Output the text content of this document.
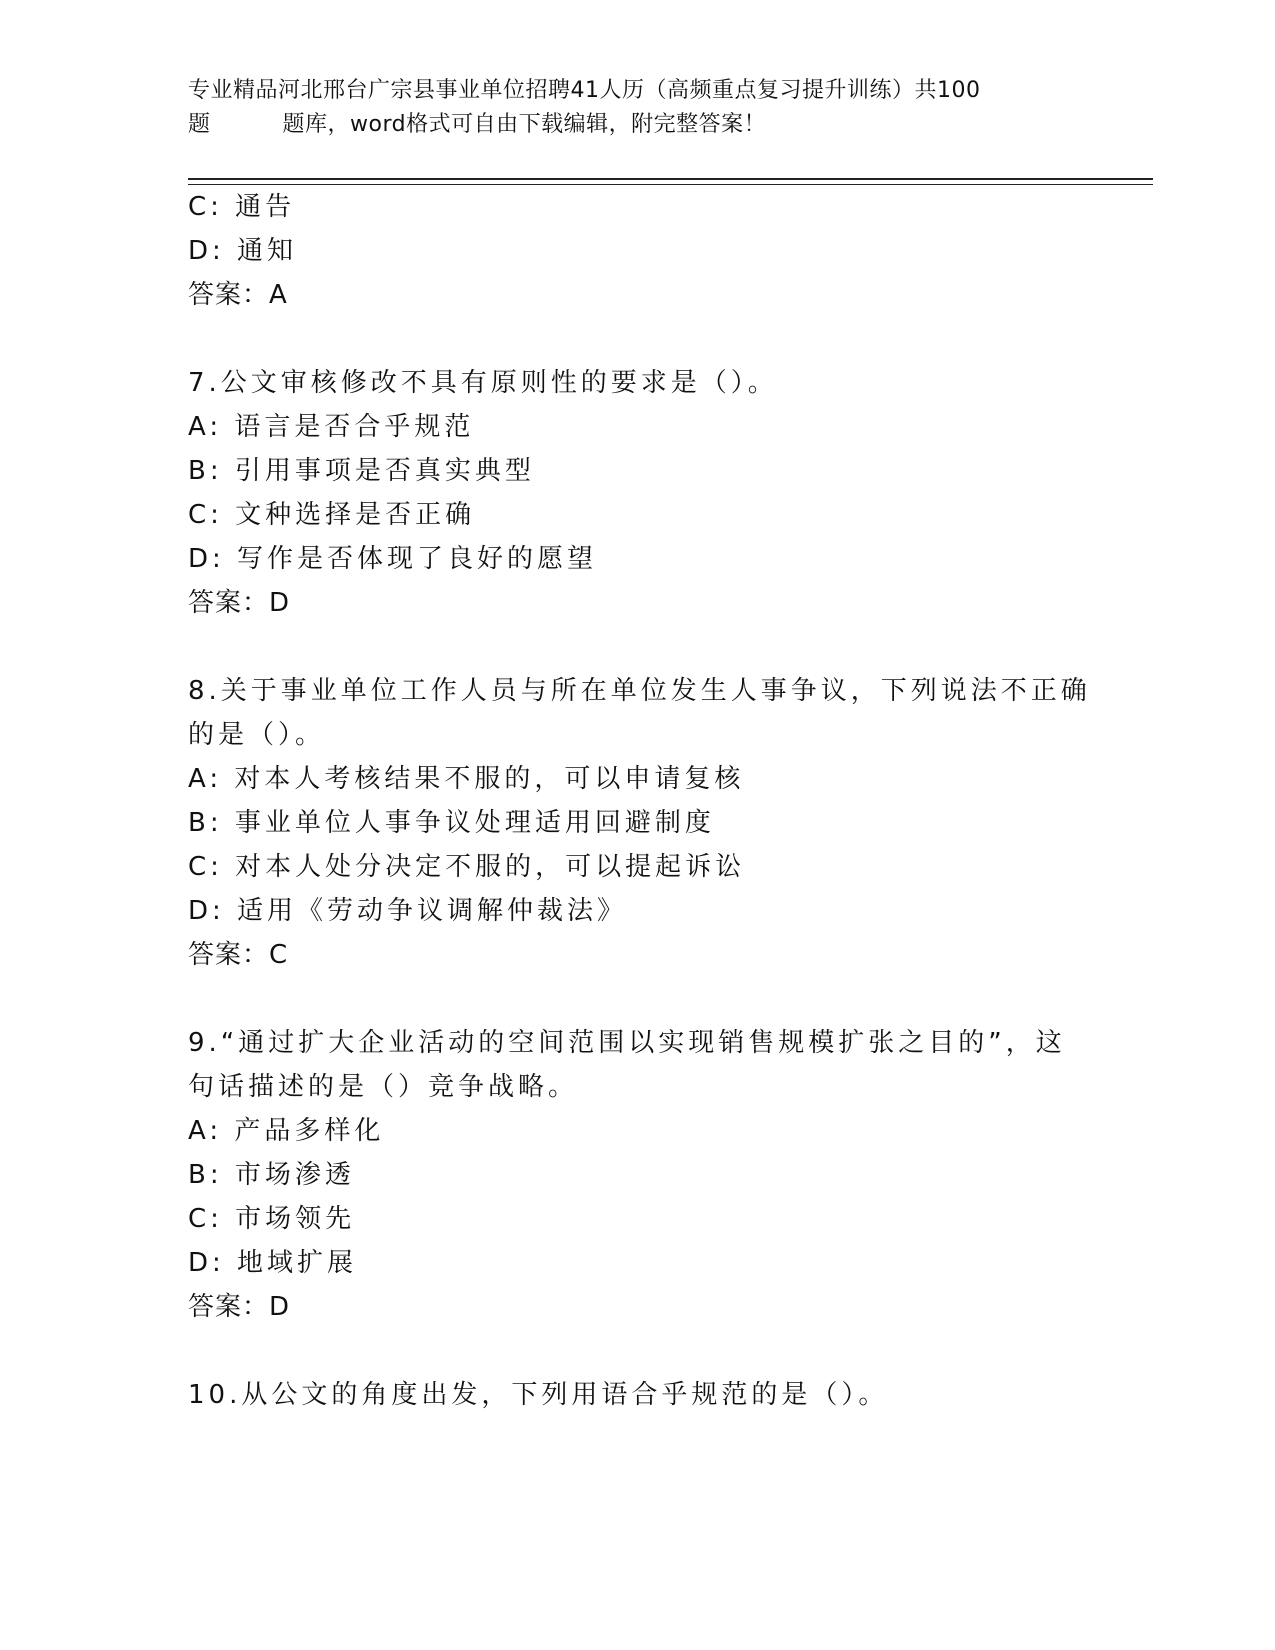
专业精品河北邢台广宗县事业单位招聘41人历（高频重点复习提升训练）共100
题	题库，word格式可自由下载编辑，附完整答案！
C: 通告
D: 通知
答案：A
7.公文审核修改不具有原则性的要求是（）。
A: 语言是否合乎规范
B: 引用事项是否真实典型
C: 文种选择是否正确
D: 写作是否体现了良好的愿望
答案：D
8.关于事业单位工作人员与所在单位发生人事争议，下列说法不正确
的是（）。
A: 对本人考核结果不服的，可以申请复核
B: 事业单位人事争议处理适用回避制度
C: 对本人处分决定不服的，可以提起诉讼
D: 适用《劳动争议调解仲裁法》
答案：C
9.“通过扩大企业活动的空间范围以实现销售规模扩张之目的”，这
句话描述的是（）竞争战略。
A: 产品多样化
B: 市场渗透
C: 市场领先
D: 地域扩展
答案：D
10.从公文的角度出发，下列用语合乎规范的是（）。
